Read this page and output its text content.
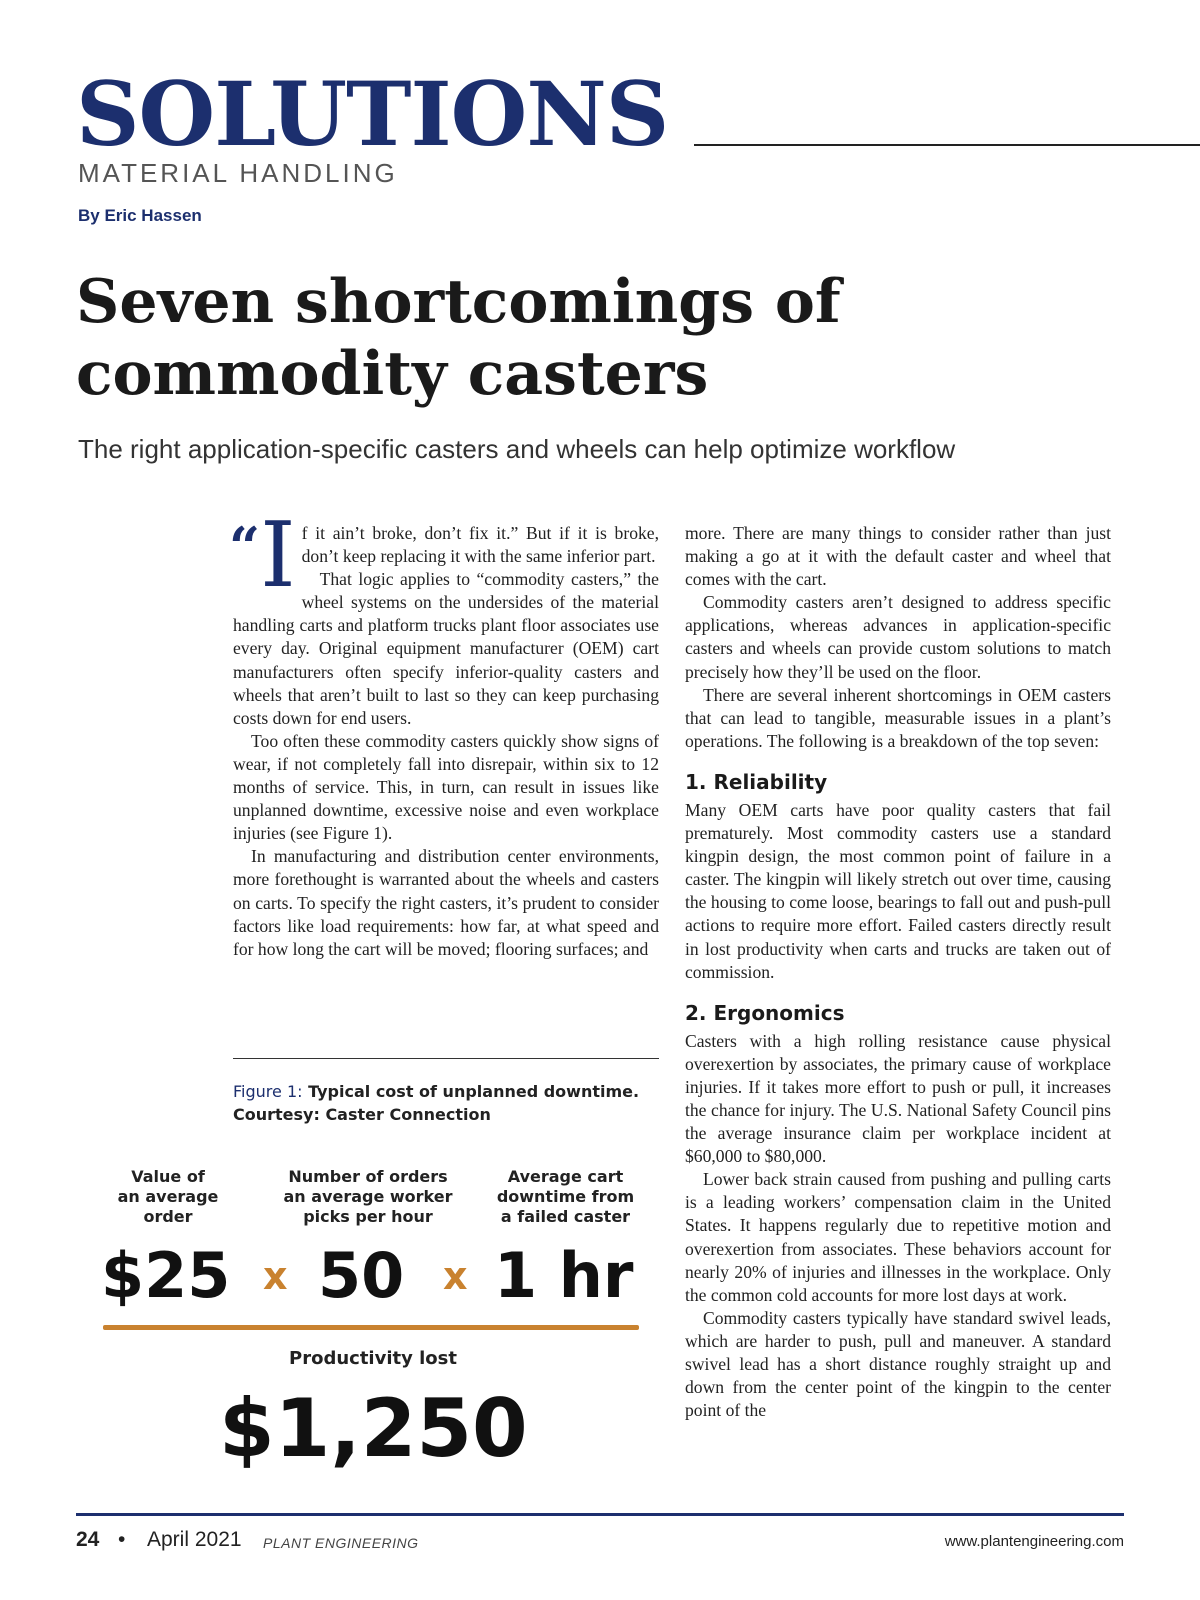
SOLUTIONS
MATERIAL HANDLING
By Eric Hassen
Seven shortcomings of
commodity casters
The right application-specific casters and wheels can help optimize workflow
“I f it ain’t broke, don’t fix it.” But if it is broke, don’t keep replacing it with the same inferior part.

That logic applies to “commodity casters,” the wheel systems on the undersides of the material handling carts and platform trucks plant floor associates use every day. Original equipment manufacturer (OEM) cart manufacturers often specify inferior-quality casters and wheels that aren’t built to last so they can keep purchasing costs down for end users.

Too often these commodity casters quickly show signs of wear, if not completely fall into disrepair, within six to 12 months of service. This, in turn, can result in issues like unplanned downtime, excessive noise and even workplace injuries (see Figure 1).

In manufacturing and distribution center environments, more forethought is warranted about the wheels and casters on carts. To specify the right casters, it’s prudent to consider factors like load requirements: how far, at what speed and for how long the cart will be moved; flooring surfaces; and

more. There are many things to consider rather than just making a go at it with the default caster and wheel that comes with the cart.

Commodity casters aren’t designed to address specific applications, whereas advances in application-specific casters and wheels can provide custom solutions to match precisely how they’ll be used on the floor.

There are several inherent shortcomings in OEM casters that can lead to tangible, measurable issues in a plant’s operations. The following is a breakdown of the top seven:

1. Reliability

Many OEM carts have poor quality casters that fail prematurely. Most commodity casters use a standard kingpin design, the most common point of failure in a caster. The kingpin will likely stretch out over time, causing the housing to come loose, bearings to fall out and push-pull actions to require more effort. Failed casters directly result in lost productivity when carts and trucks are taken out of commission.

2. Ergonomics

Casters with a high rolling resistance cause physical overexertion by associates, the primary cause of workplace injuries. If it takes more effort to push or pull, it increases the chance for injury. The U.S. National Safety Council pins the average insurance claim per workplace incident at $60,000 to $80,000.

Lower back strain caused from pushing and pulling carts is a leading workers’ compensation claim in the United States. It happens regularly due to repetitive motion and overexertion from associates. These behaviors account for nearly 20% of injuries and illnesses in the workplace. Only the common cold accounts for more lost days at work.

Commodity casters typically have standard swivel leads, which are harder to push, pull and maneuver. A standard swivel lead has a short distance roughly straight up and down from the center point of the kingpin to the center point of the

Figure 1: Typical cost of unplanned downtime. Courtesy: Caster Connection
Value of
an average
order
Number of orders
an average worker
picks per hour
Average cart
downtime from
a failed caster
$25 x 50 x 1 hr
Productivity lost
$1,250
24 • April 2021 PLANT ENGINEERING	www.plantengineering.com
